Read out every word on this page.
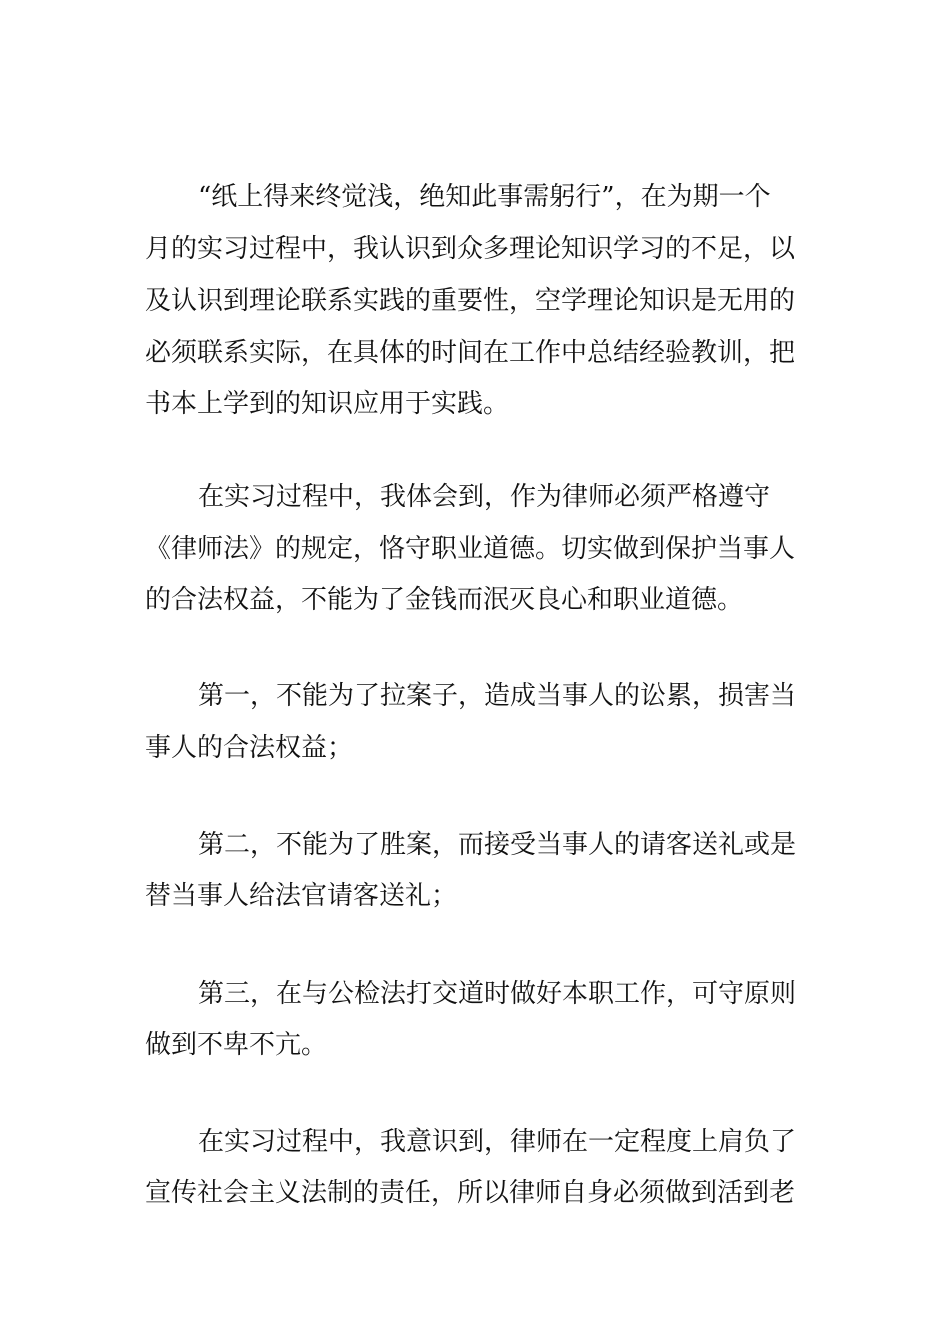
“纸上得来终觉浅，绝知此事需躬行”，在为期一个
月的实习过程中，我认识到众多理论知识学习的不足，以
及认识到理论联系实践的重要性，空学理论知识是无用的
必须联系实际，在具体的时间在工作中总结经验教训，把
书本上学到的知识应用于实践。
在实习过程中，我体会到，作为律师必须严格遵守
《律师法》的规定，恪守职业道德。切实做到保护当事人
的合法权益，不能为了金钱而泯灭良心和职业道德。
第一，不能为了拉案子，造成当事人的讼累，损害当
事人的合法权益；
第二，不能为了胜案，而接受当事人的请客送礼或是
替当事人给法官请客送礼；
第三，在与公检法打交道时做好本职工作，可守原则
做到不卑不亢。
在实习过程中，我意识到，律师在一定程度上肩负了
宣传社会主义法制的责任，所以律师自身必须做到活到老
